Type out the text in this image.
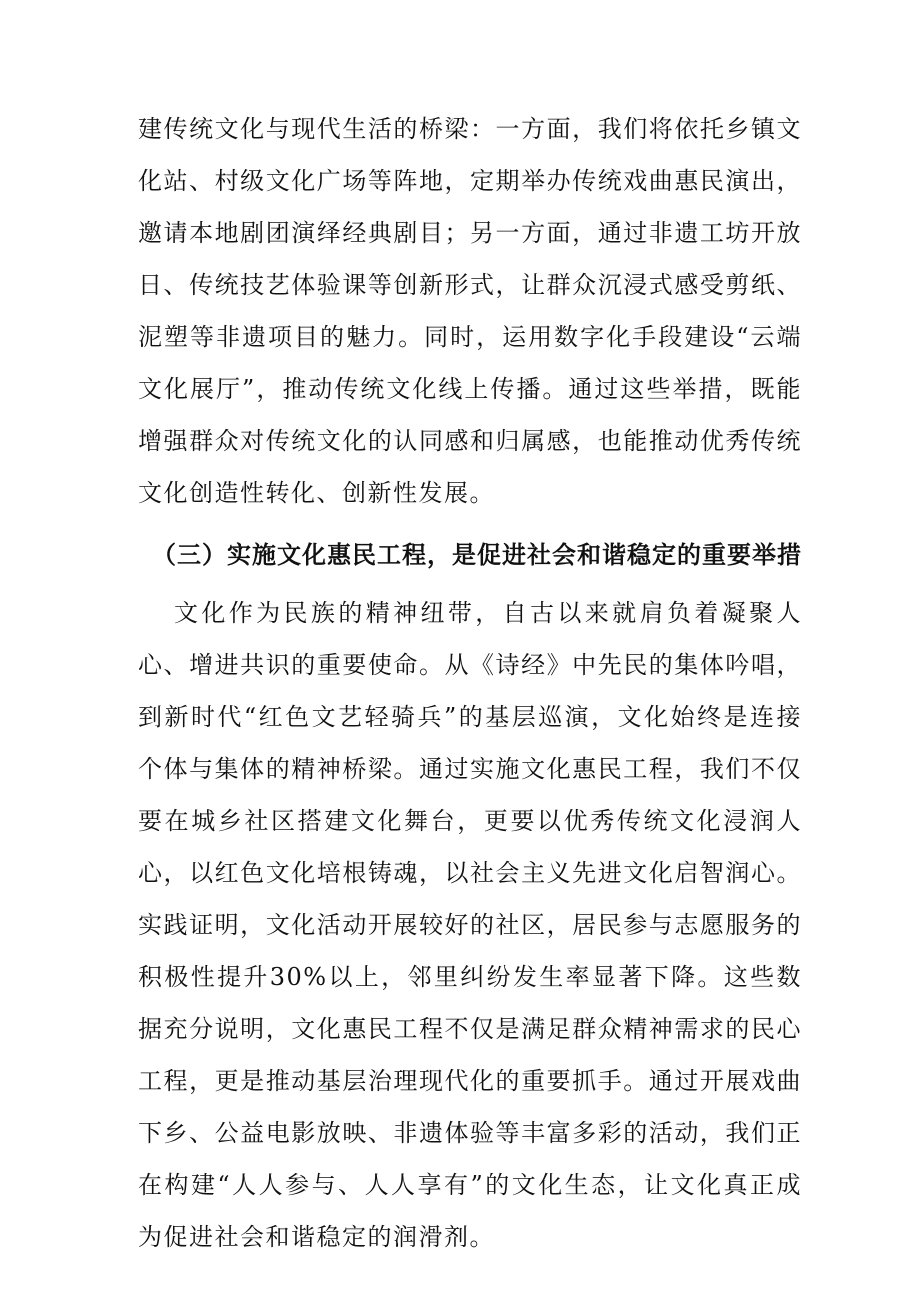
建传统文化与现代生活的桥梁：一方面，我们将依托乡镇文化站、村级文化广场等阵地，定期举办传统戏曲惠民演出，邀请本地剧团演绎经典剧目；另一方面，通过非遗工坊开放日、传统技艺体验课等创新形式，让群众沉浸式感受剪纸、泥塑等非遗项目的魅力。同时，运用数字化手段建设“云端文化展厅”，推动传统文化线上传播。通过这些举措，既能增强群众对传统文化的认同感和归属感，也能推动优秀传统文化创造性转化、创新性发展。

（三）实施文化惠民工程，是促进社会和谐稳定的重要举措

文化作为民族的精神纽带，自古以来就肩负着凝聚人心、增进共识的重要使命。从《诗经》中先民的集体吟唱，到新时代“红色文艺轻骑兵”的基层巡演，文化始终是连接个体与集体的精神桥梁。通过实施文化惠民工程，我们不仅要在城乡社区搭建文化舞台，更要以优秀传统文化浸润人心，以红色文化培根铸魂，以社会主义先进文化启智润心。实践证明，文化活动开展较好的社区，居民参与志愿服务的积极性提升30%以上，邻里纠纷发生率显著下降。这些数据充分说明，文化惠民工程不仅是满足群众精神需求的民心工程，更是推动基层治理现代化的重要抓手。通过开展戏曲下乡、公益电影放映、非遗体验等丰富多彩的活动，我们正在构建“人人参与、人人享有”的文化生态，让文化真正成为促进社会和谐稳定的润滑剂。
